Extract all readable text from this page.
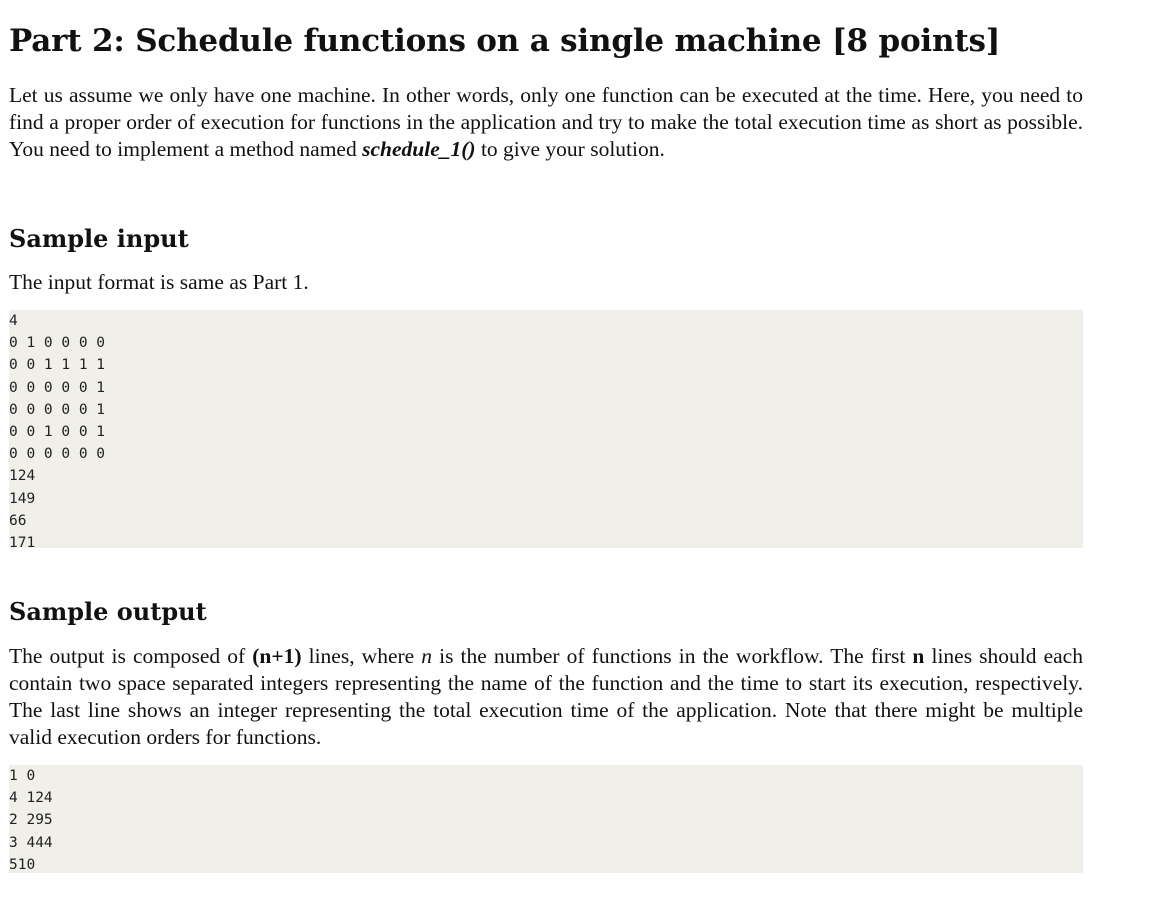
Part 2: Schedule functions on a single machine [8 points]

Let us assume we only have one machine. In other words, only one function can be executed at the time. Here, you need to find a proper order of execution for functions in the application and try to make the total execution time as short as possible. You need to implement a method named schedule_1() to give your solution.

Sample input

The input format is same as Part 1.

4
0 1 0 0 0 0
0 0 1 1 1 1
0 0 0 0 0 1
0 0 0 0 0 1
0 0 1 0 0 1
0 0 0 0 0 0
124
149
66
171
Sample output

The output is composed of (n+1) lines, where n is the number of functions in the workflow. The first n lines should each contain two space separated integers representing the name of the function and the time to start its execution, respectively. The last line shows an integer representing the total execution time of the application. Note that there might be multiple valid execution orders for functions.

1 0
4 124
2 295
3 444
510
